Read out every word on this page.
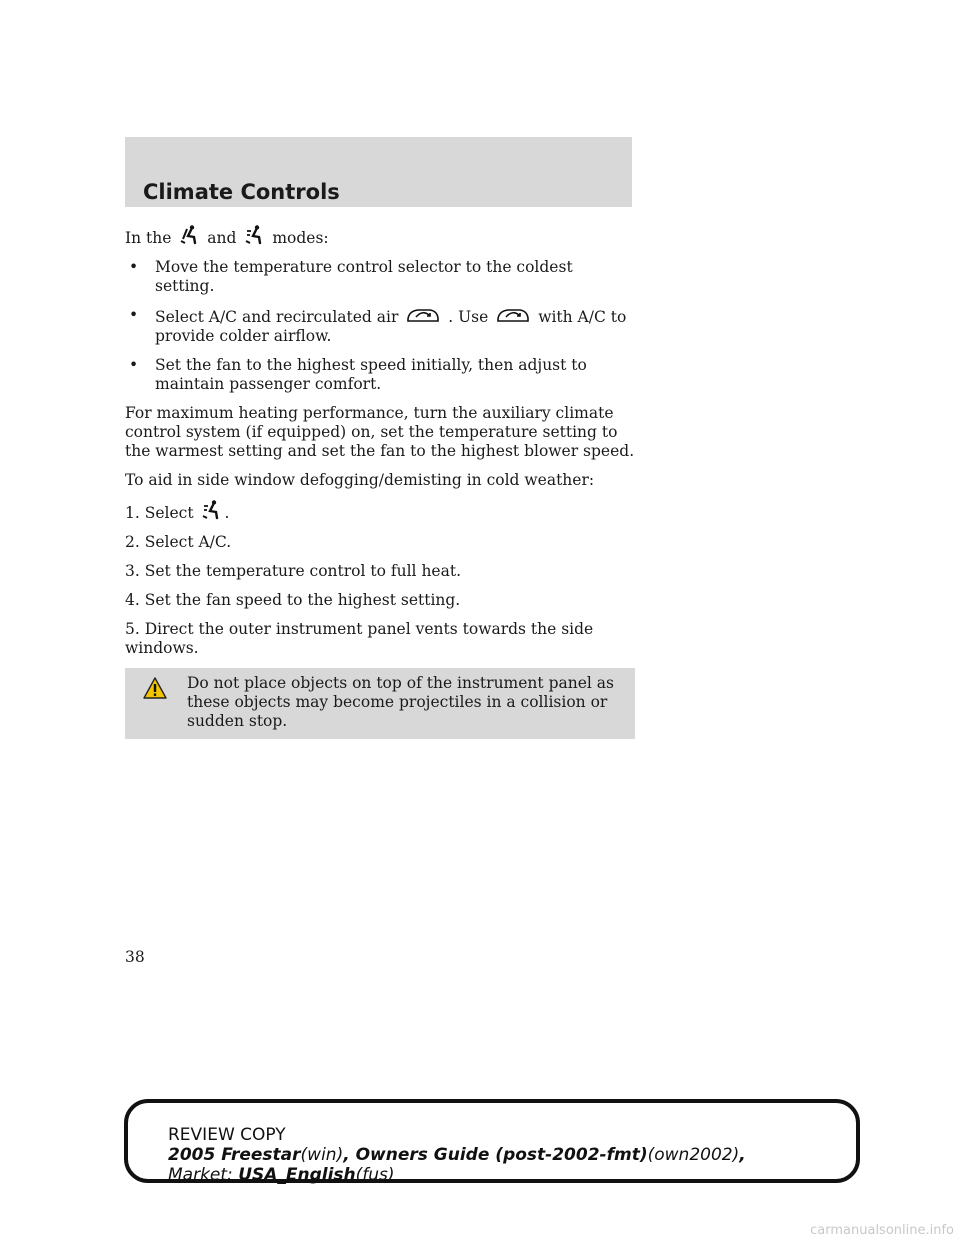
Climate Controls

In the and modes:

• Move the temperature control selector to the coldest setting.
• Select A/C and recirculated air	. Use	with A/C to provide colder airflow.
• Set the fan to the highest speed initially, then adjust to maintain passenger comfort.

For maximum heating performance, turn the auxiliary climate control system (if equipped) on, set the temperature setting to the warmest setting and set the fan to the highest blower speed.

To aid in side window defogging/demisting in cold weather:

1. Select .

2. Select A/C.

3. Set the temperature control to full heat.

4. Set the fan speed to the highest setting.

5. Direct the outer instrument panel vents towards the side windows.

Do not place objects on top of the instrument panel as these objects may become projectiles in a collision or sudden stop.
38
REVIEW COPY
2005 Freestar(win), Owners Guide (post-2002-fmt)(own2002),
Market: USA_English(fus)
carmanualsonline.info
